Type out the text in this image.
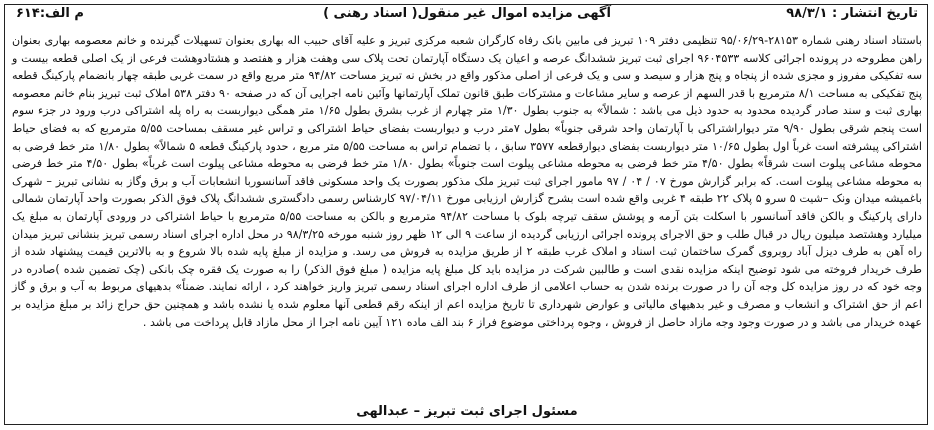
تاریخ انتشار : ۹۸/۳/۱
آگهی مزایده اموال غیر منقول( اسناد رهنی )
م الف:۶۱۴
باستناد اسناد رهنی شماره ۲۸۱۵۳-۹۵/۰۶/۲۹ تنظیمی دفتر ۱۰۹ تبریز فی مابین بانک رفاه کارگران شعبه مرکزی تبریز و علیه آقای حبیب اله بهاری بعنوان تسهیلات گیرنده و خانم معصومه بهاری بعنوان راهن مطروحه در پرونده اجرائی کلاسه ۹۶۰۴۵۳۳ اجرای ثبت تبریز ششدانگ عرصه و اعیان یک دستگاه آپارتمان تحت پلاک سی وهفت هزار و هفتصد و هشتادوهشت فرعی از یک اصلی قطعه بیست و سه تفکیکی مفروز و مجزی شده از پنجاه و پنج هزار و سیصد و سی و یک فرعی از اصلی مذکور واقع در بخش نه تبریز مساحت ۹۴/۸۲ متر مربع واقع در سمت غربی طبقه چهار بانضمام پارکینگ قطعه پنج تفکیکی به مساحت ۸/۱ مترمربع با قدر السهم از عرصه و سایر مشاعات و مشترکات طبق قانون تملک آپارتمانها وآئین نامه اجرایی آن که در صفحه ۹۰ دفتر ۵۳۸ املاک ثبت تبریز بنام خانم معصومه بهاری ثبت و سند صادر گردیده محدود به حدود ذیل می باشد : شمالاً» به جنوب بطول ۱/۳۰ متر چهارم از غرب بشرق بطول ۱/۶۵ متر همگی دیواربست به راه پله اشتراکی درب ورود در جزء سوم است پنجم شرقی بطول ۹/۹۰ متر دیواراشتراکی با آپارتمان واحد شرقی جنوباً» بطول ۷متر درب و دیواربست بفضای حیاط اشتراکی و تراس غیر مسقف بمساحت ۵/۵۵ مترمربع که به فضای حیاط اشتراکی پیشرفته است غرباً اول بطول ۱۰/۶۵ متر دیواربست بفضای دیوارقطعه ۳۵۷۷ سابق ، با تضمام تراس به مساحت ۵/۵۵ متر مربع ، حدود پارکینگ قطعه ۵ شمالاً» بطول ۱/۸۰ متر خط فرضی به محوطه مشاعی پیلوت است شرقاً» بطول ۴/۵۰ متر خط فرضی به محوطه مشاعی پیلوت است جنوباً» بطول ۱/۸۰ متر خط فرضی به محوطه مشاعی پیلوت است غرباً» بطول ۴/۵۰ متر خط فرضی به محوطه مشاعی پیلوت است. که برابر گزارش مورخ ۰۷ / ۰۴ / ۹۷ مامور اجرای ثبت تبریز ملک مذکور بصورت یک واحد مسکونی فاقد آسانسوربا انشعابات آب و برق وگاز به نشانی تبریز – شهرک باغمیشه میدان ونک –شیت ۵ سرو ۵ پلاک ۲۲ طبقه ۴ غربی واقع شده است بشرح گزارش ارزیابی مورخ ۹۷/۰۴/۱۱ کارشناس رسمی دادگستری ششدانگ پلاک فوق الذکر بصورت واحد آپارتمان شمالی دارای پارکینگ و بالکن فاقد آسانسور با اسکلت بتن آرمه و پوشش سقف تیرچه بلوک با مساحت ۹۴/۸۲ مترمربع و بالکن به مساحت ۵/۵۵ مترمربع با حیاط اشتراکی در ورودی آپارتمان به مبلغ یک میلیارد وهشتصد میلیون ریال در قبال طلب و حق الاجرای پرونده اجرائی ارزیابی گردیده از ساعت ۹ الی ۱۲ ظهر روز شنبه مورخه ۹۸/۳/۲۵ در محل اداره اجرای اسناد رسمی تبریز بنشانی تبریز میدان راه آهن به طرف دیزل آباد روبروی گمرک ساختمان ثبت اسناد و املاک غرب طبقه ۲ از طریق مزایده به فروش می رسد. و مزایده از مبلغ پایه شده بالا شروع و به بالاترین قیمت پیشنهاد شده از طرف خریدار فروخته می شود توضیح اینکه مزایده نقدی است و طالبین شرکت در مزایده باید کل مبلغ پایه مزایده ( مبلغ فوق الذکر) را به صورت یک فقره چک بانکی (چک تضمین شده )صادره در وجه خود که در روز مزایده کل وجه آن را در صورت برنده شدن به حساب اعلامی از طرف اداره اجرای اسناد رسمی تبریز واریز خواهند کرد ، ارائه نمایند. ضمناً» بدهیهای مربوط به آب و برق و گاز اعم از حق اشتراک و انشعاب و مصرف و غیر بدهیهای مالیاتی و عوارض شهرداری تا تاریخ مزایده اعم از اینکه رقم قطعی آنها معلوم شده یا نشده باشد و همچنین حق حراج زائد بر مبلغ مزایده بر عهده خریدار می باشد و در صورت وجود وجه مازاد حاصل از فروش ، وجوه پرداختی موضوع فراز ۶ بند الف ماده ۱۲۱ آیین نامه اجرا از محل مازاد قابل پرداخت می باشد .
مسئول اجرای ثبت تبریز – عبدالهی
